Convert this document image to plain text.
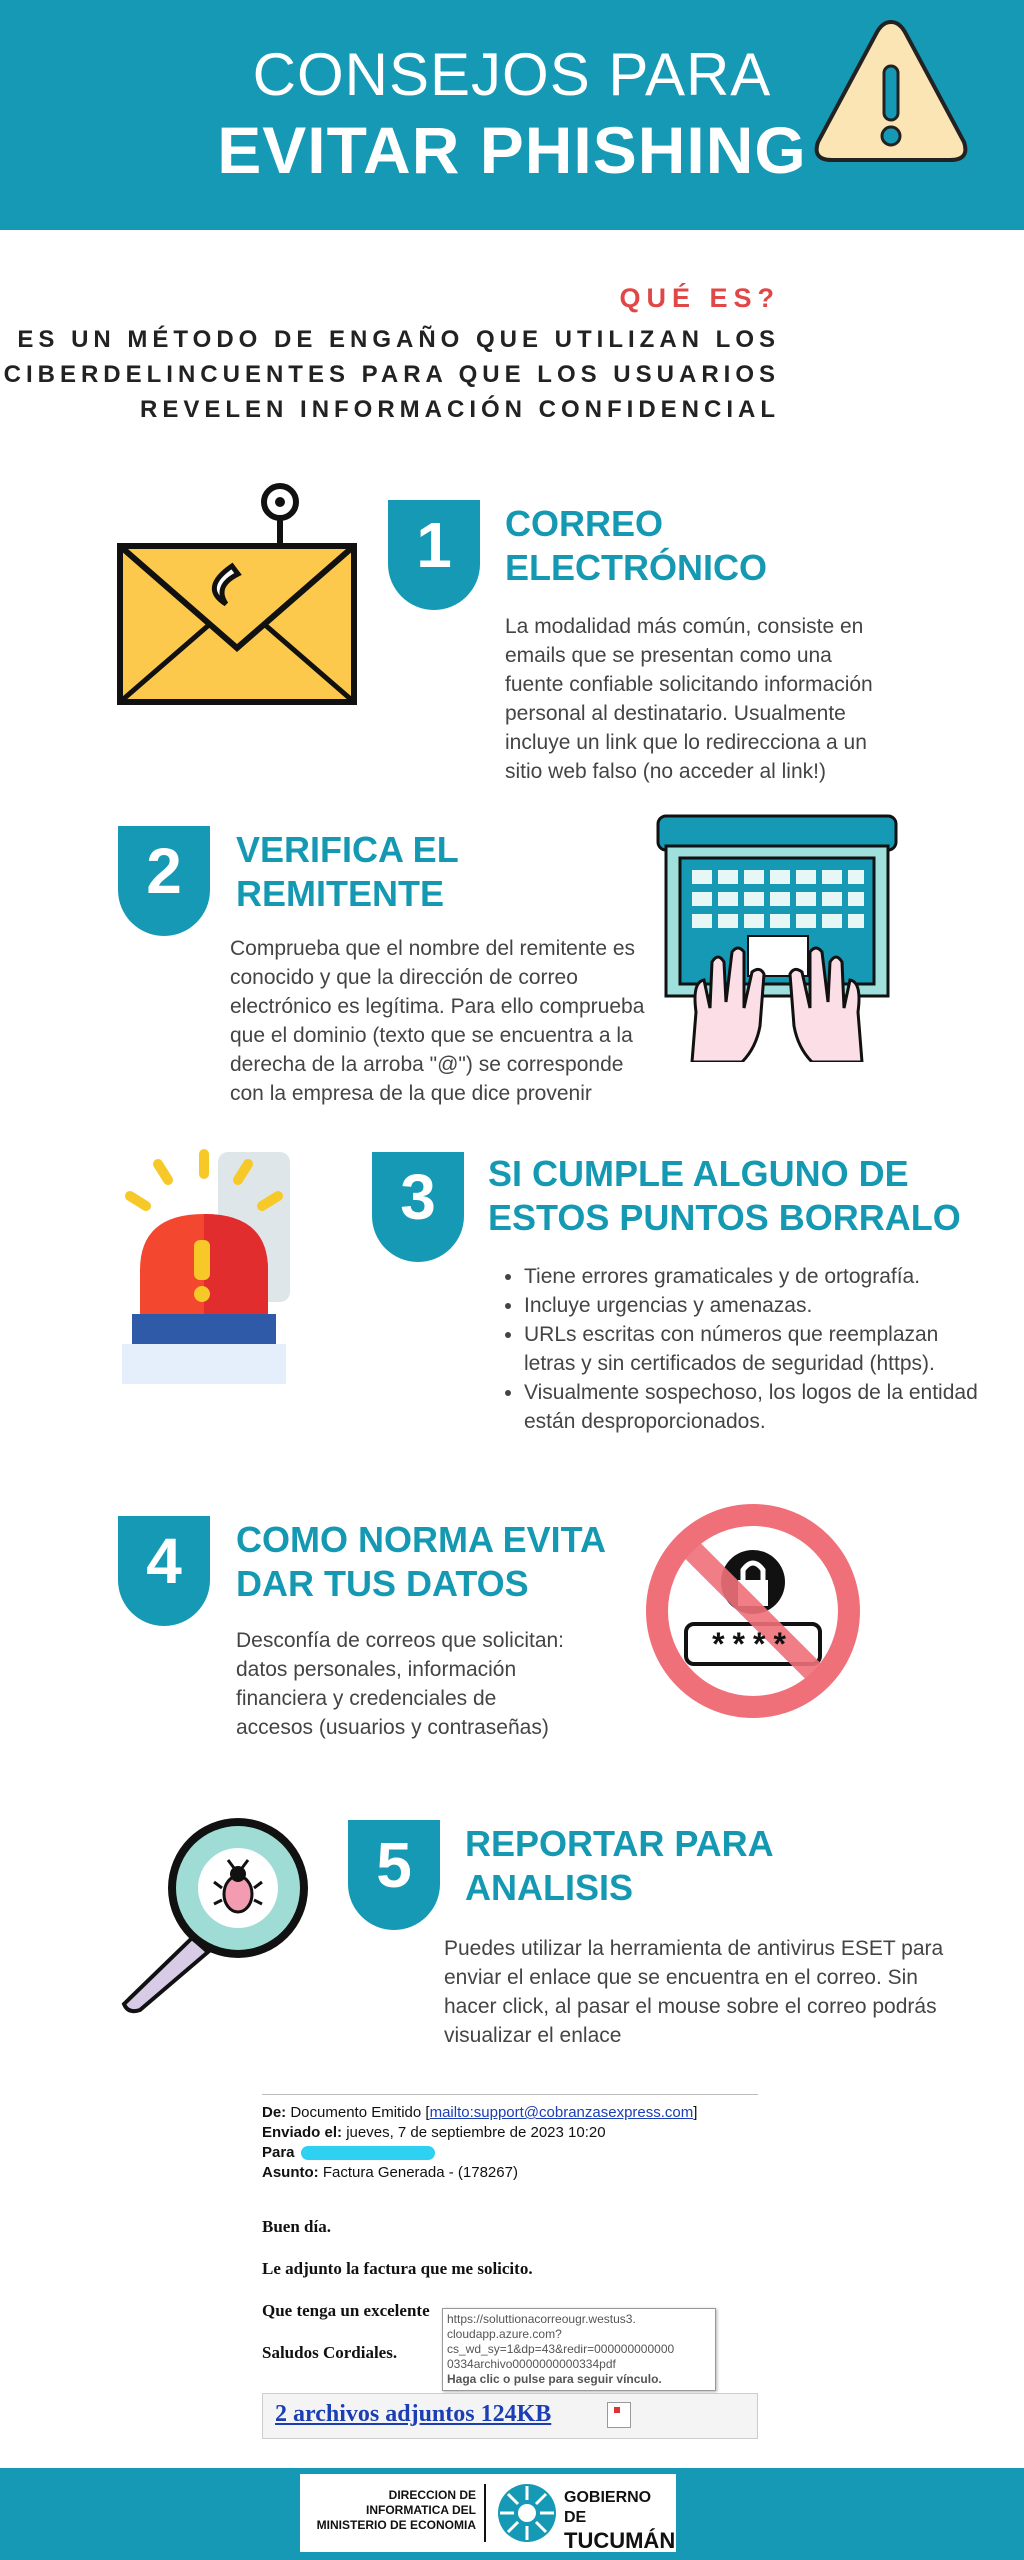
CONSEJOS PARA
EVITAR PHISHING
QUÉ ES?
ES UN MÉTODO DE ENGAÑO QUE UTILIZAN LOS
CIBERDELINCUENTES PARA QUE LOS USUARIOS
REVELEN INFORMACIÓN CONFIDENCIAL
1	CORREO
ELECTRÓNICO
La modalidad más común, consiste en
emails que se presentan como una
fuente confiable solicitando información
personal al destinatario. Usualmente
incluye un link que lo redirecciona a un
sitio web falso (no acceder al link!)
2	VERIFICA EL
REMITENTE
Comprueba que el nombre del remitente es
conocido y que la dirección de correo
electrónico es legítima. Para ello comprueba
que el dominio (texto que se encuentra a la
derecha de la arroba "@") se corresponde
con la empresa de la que dice provenir
3	SI CUMPLE ALGUNO DE
ESTOS PUNTOS BORRALO
• Tiene errores gramaticales y de ortografía.
• Incluye urgencias y amenazas.
• URLs escritas con números que reemplazan
letras y sin certificados de seguridad (https).
• Visualmente sospechoso, los logos de la entidad
están desproporcionados.
4	COMO NORMA EVITA
DAR TUS DATOS
Desconfía de correos que solicitan:
datos personales, información
financiera y credenciales de
accesos (usuarios y contraseñas)
****
5	REPORTAR PARA
ANALISIS
Puedes utilizar la herramienta de antivirus ESET para
enviar el enlace que se encuentra en el correo. Sin
hacer click, al pasar el mouse sobre el correo podrás
visualizar el enlace
De: Documento Emitido [mailto:support@cobranzasexpress.com]
Enviado el: jueves, 7 de septiembre de 2023 10:20
Para
Asunto: Factura Generada - (178267)
Buen día.
Le adjunto la factura que me solicito.
Que tenga un excelente
Saludos Cordiales.
https://soluttionacorreougr.westus3.
cloudapp.azure.com?
cs_wd_sy=1&dp=43&redir=000000000000
0334archivo0000000000334pdf
Haga clic o pulse para seguir vínculo.
2 archivos adjuntos 124KB
DIRECCION DE
INFORMATICA DEL
MINISTERIO DE ECONOMIA
GOBIERNO DE
TUCUMÁN
